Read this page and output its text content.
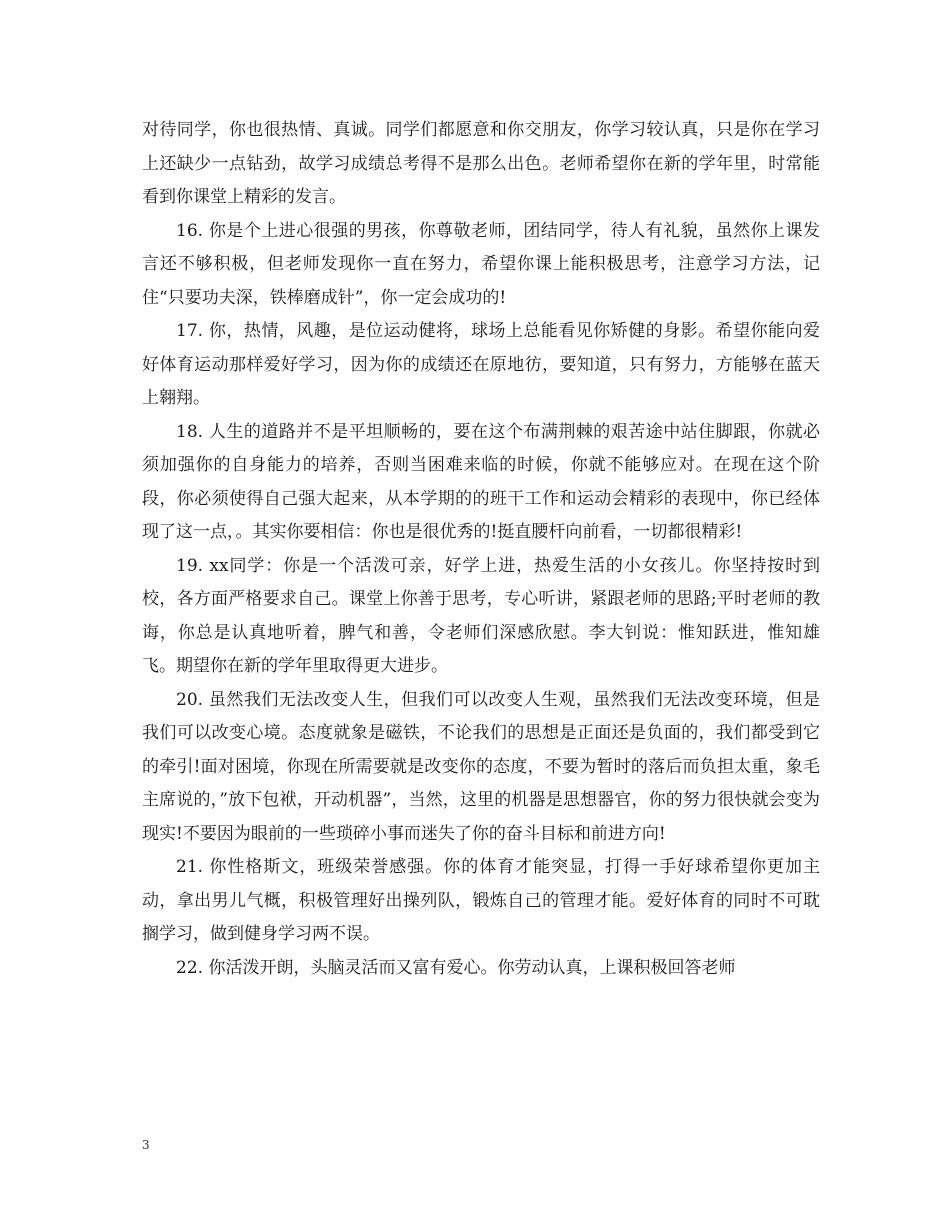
对待同学，你也很热情、真诚。同学们都愿意和你交朋友，你学习较认真，只是你在学习上还缺少一点钻劲，故学习成绩总考得不是那么出色。老师希望你在新的学年里，时常能看到你课堂上精彩的发言。

16. 你是个上进心很强的男孩，你尊敬老师，团结同学，待人有礼貌，虽然你上课发言还不够积极，但老师发现你一直在努力，希望你课上能积极思考，注意学习方法，记住“只要功夫深，铁棒磨成针”，你一定会成功的!

17. 你，热情，风趣，是位运动健将，球场上总能看见你矫健的身影。希望你能向爱好体育运动那样爱好学习，因为你的成绩还在原地彷，要知道，只有努力，方能够在蓝天上翱翔。

18. 人生的道路并不是平坦顺畅的，要在这个布满荆棘的艰苦途中站住脚跟，你就必须加强你的自身能力的培养，否则当困难来临的时候，你就不能够应对。在现在这个阶段，你必须使得自己强大起来，从本学期的的班干工作和运动会精彩的表现中，你已经体现了这一点，。其实你要相信：你也是很优秀的!挺直腰杆向前看，一切都很精彩!

19. xx同学：你是一个活泼可亲，好学上进，热爱生活的小女孩儿。你坚持按时到校，各方面严格要求自己。课堂上你善于思考，专心听讲，紧跟老师的思路;平时老师的教诲，你总是认真地听着，脾气和善，令老师们深感欣慰。李大钊说：惟知跃进，惟知雄飞。期望你在新的学年里取得更大进步。

20. 虽然我们无法改变人生，但我们可以改变人生观，虽然我们无法改变环境，但是我们可以改变心境。态度就象是磁铁，不论我们的思想是正面还是负面的，我们都受到它的牵引!面对困境，你现在所需要就是改变你的态度，不要为暂时的落后而负担太重，象毛主席说的，”放下包袱，开动机器”，当然，这里的机器是思想器官，你的努力很快就会变为现实!不要因为眼前的一些琐碎小事而迷失了你的奋斗目标和前进方向!

21. 你性格斯文，班级荣誉感强。你的体育才能突显，打得一手好球希望你更加主动，拿出男儿气概，积极管理好出操列队，锻炼自己的管理才能。爱好体育的同时不可耽搁学习，做到健身学习两不误。

22. 你活泼开朗，头脑灵活而又富有爱心。你劳动认真，上课积极回答老师

3
